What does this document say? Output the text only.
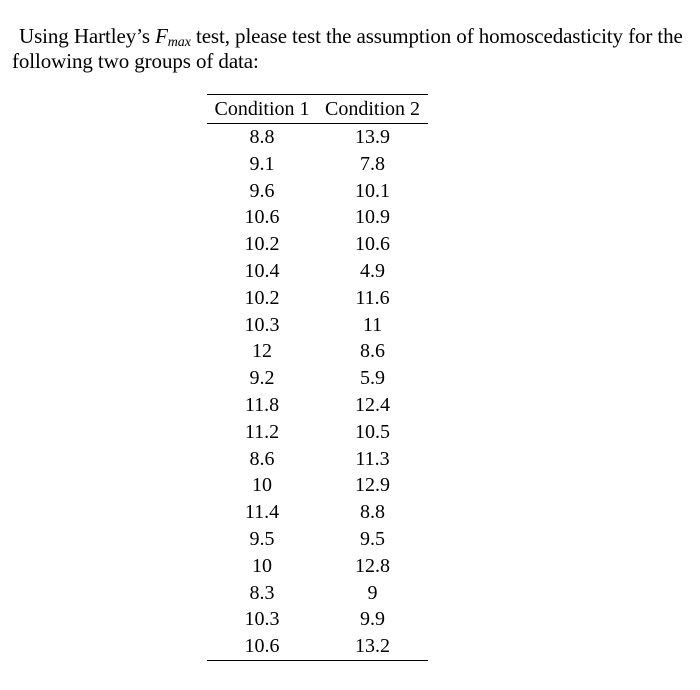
Using Hartley’s $F_{max}$ test, please test the assumption of homoscedasticity for the
following two groups of data:
Condition 1	Condition 2
8.8	13.9
9.1	7.8
9.6	10.1
10.6	10.9
10.2	10.6
10.4	4.9
10.2	11.6
10.3	11
12	8.6
9.2	5.9
11.8	12.4
11.2	10.5
8.6	11.3
10	12.9
11.4	8.8
9.5	9.5
10	12.8
8.3	9
10.3	9.9
10.6	13.2
